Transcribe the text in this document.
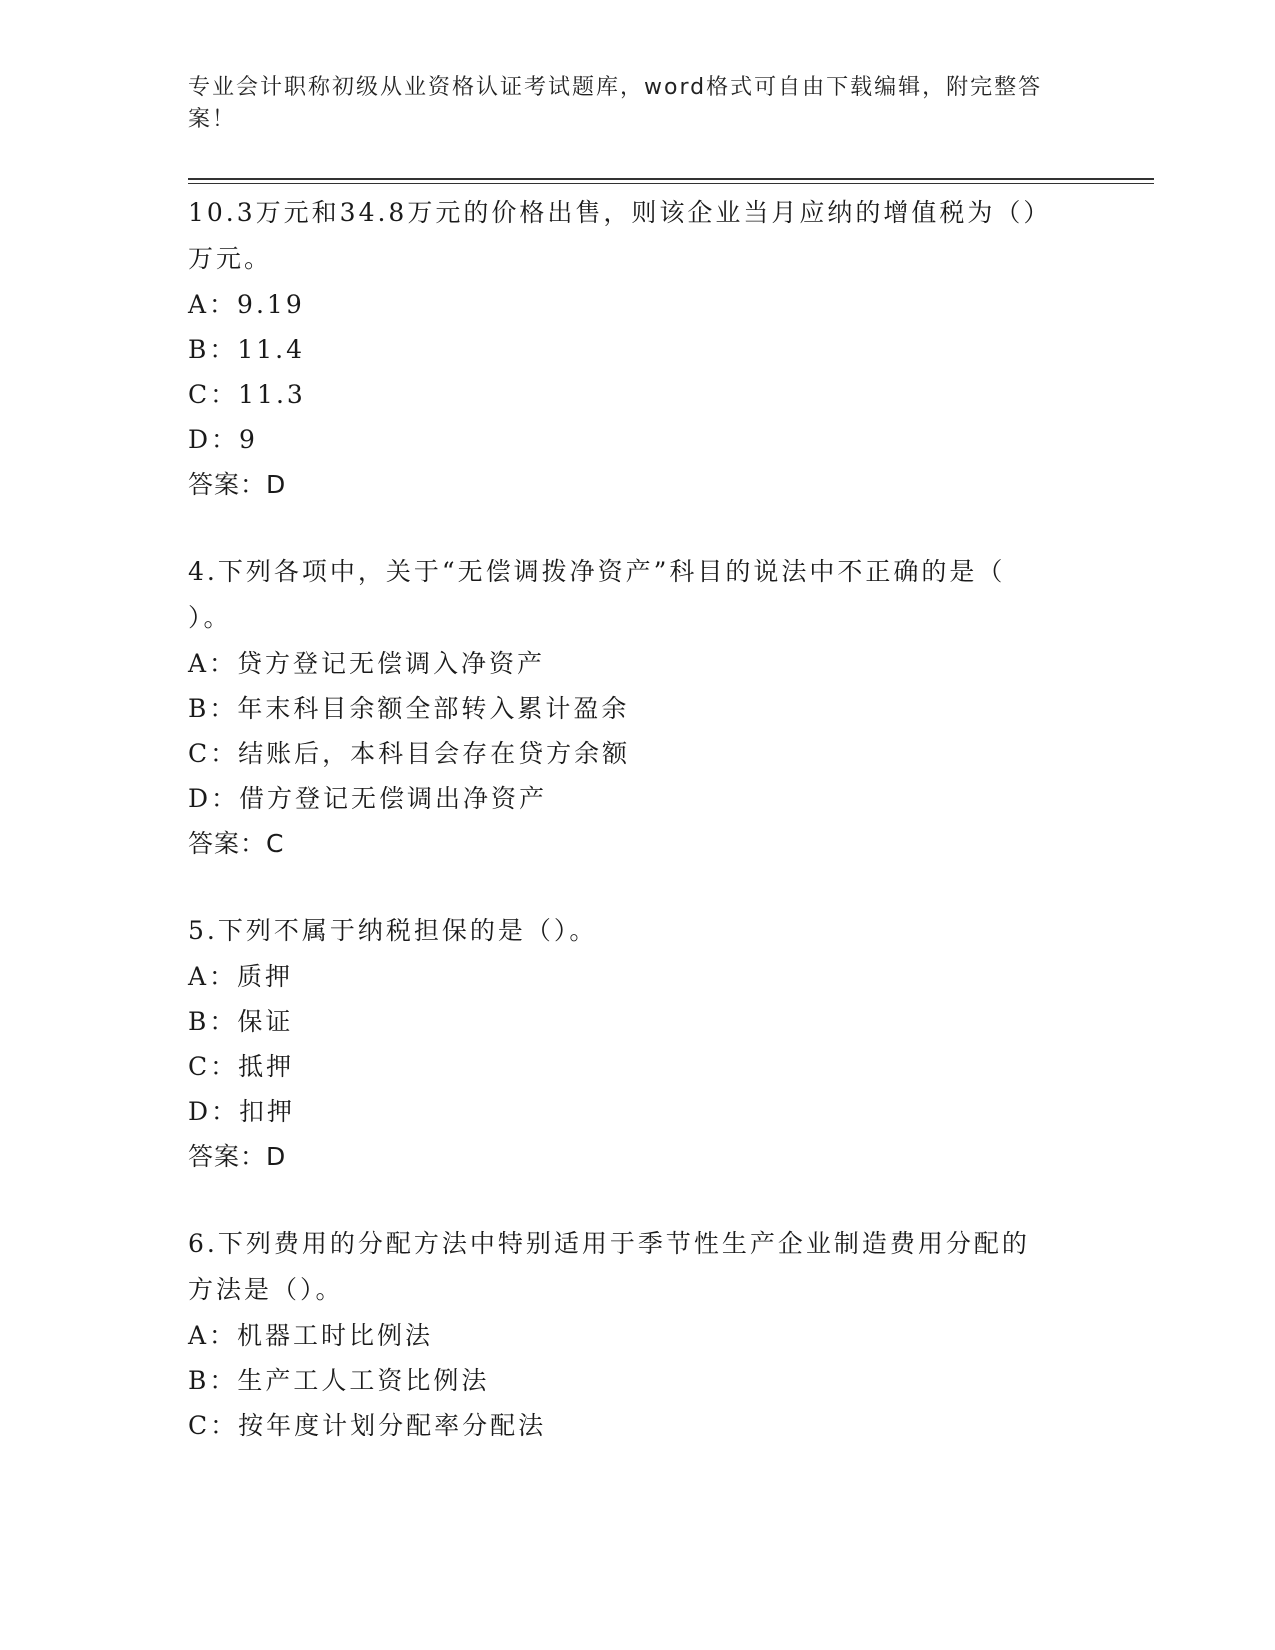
专业会计职称初级从业资格认证考试题库，word格式可自由下载编辑，附完整答
案！

10.3万元和34.8万元的价格出售，则该企业当月应纳的增值税为（）

万元。

A：9.19

B：11.4

C：11.3

D：9

答案：D

4.下列各项中，关于“无偿调拨净资产”科目的说法中不正确的是（

）。

A：贷方登记无偿调入净资产

B：年末科目余额全部转入累计盈余

C：结账后，本科目会存在贷方余额

D：借方登记无偿调出净资产

答案：C

5.下列不属于纳税担保的是（）。

A：质押

B：保证

C：抵押

D：扣押

答案：D

6.下列费用的分配方法中特别适用于季节性生产企业制造费用分配的

方法是（）。

A：机器工时比例法

B：生产工人工资比例法

C：按年度计划分配率分配法
